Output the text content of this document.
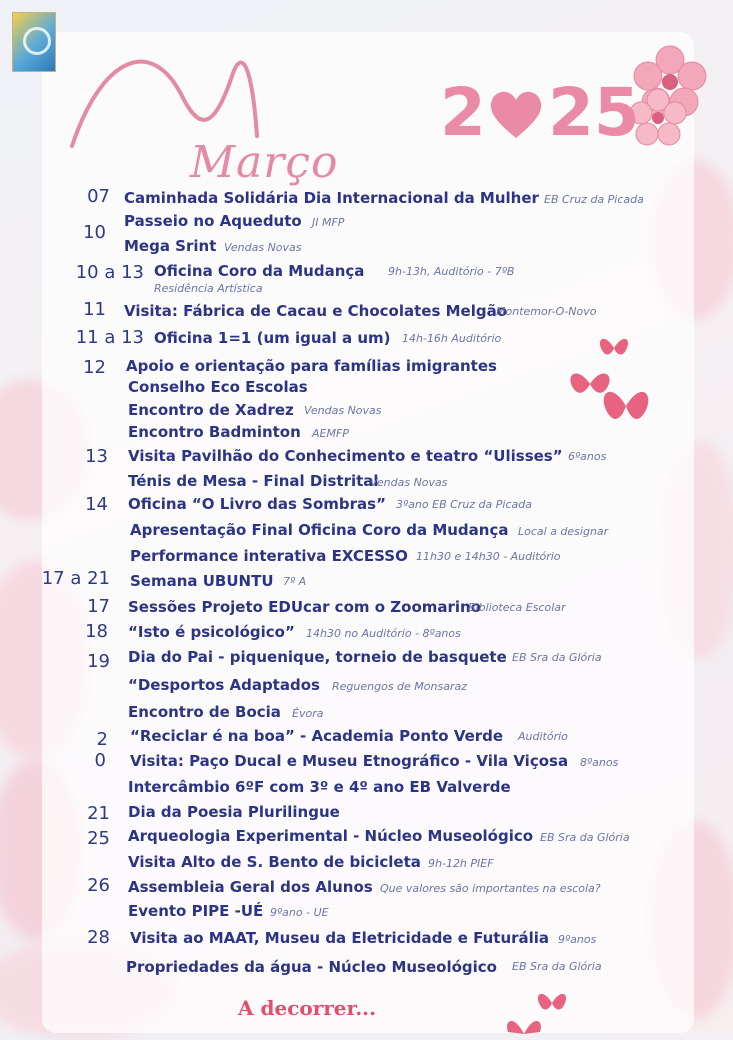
Março
2 25
07 Caminhada Solidária Dia Internacional da Mulher EB Cruz da Picada
10
Passeio no Aqueduto JI MFP
Mega Srint Vendas Novas
10 a 13 Oficina Coro da Mudança 9h-13h, Auditório - 7ºB
Residência Artística
11 Visita: Fábrica de Cacau e Chocolates Melgão
Montemor-O-Novo
11 a 13 Oficina 1=1 (um igual a um) 14h-16h Auditório
12 Apoio e orientação para famílias imigrantes
Conselho Eco Escolas
Encontro de Xadrez Vendas Novas
Encontro Badminton AEMFP
13 Visita Pavilhão do Conhecimento e teatro “Ulisses” 6ºanos
Ténis de Mesa - Final Distrital
Vendas Novas
14 Oficina “O Livro das Sombras” 3ºano EB Cruz da Picada
Apresentação Final Oficina Coro da Mudança Local a designar
Performance interativa EXCESSO 11h30 e 14h30 - Auditório
17 a 21 Semana UBUNTU 7º A
17 Sessões Projeto EDUcar com o Zoomarino
Biblioteca Escolar
18 “Isto é psicológico” 14h30 no Auditório - 8ºanos
19 Dia do Pai - piquenique, torneio de basquete EB Sra da Glória
“Desportos Adaptados Reguengos de Monsaraz
Encontro de Bocia Évora
2 “Reciclar é na boa” - Academia Ponto Verde Auditório
0 Visita: Paço Ducal e Museu Etnográfico - Vila Viçosa 8ºanos
Intercâmbio 6ºF com 3º e 4º ano EB Valverde
21 Dia da Poesia Plurilingue
25 Arqueologia Experimental - Núcleo Museológico EB Sra da Glória
Visita Alto de S. Bento de bicicleta 9h-12h PIEF
26 Assembleia Geral dos Alunos Que valores são importantes na escola?
Evento PIPE -UÉ 9ºano - UE
28 Visita ao MAAT, Museu da Eletricidade e Futurália 9ºanos
Propriedades da água - Núcleo Museológico EB Sra da Glória
A decorrer...
